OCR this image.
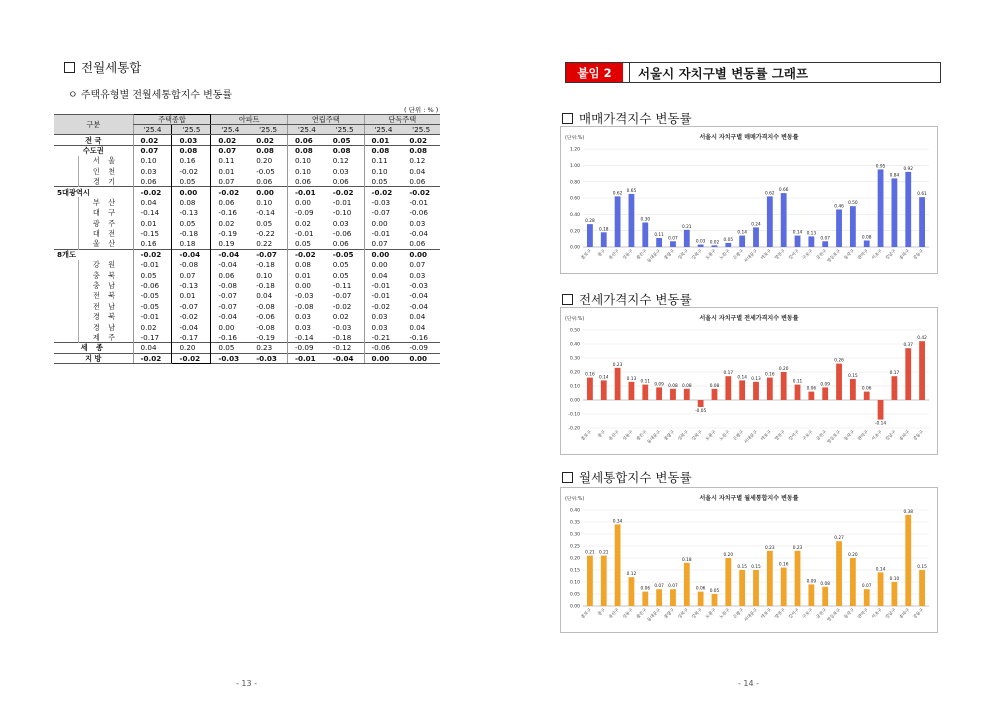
전월세통합
ㅇ 주택유형별 전월세통합지수 변동률
( 단위 : % )
구분		주택종합		아파트		연립주택		단독주택	
		'25.4	'25.5	'25.4	'25.5	'25.4	'25.5	'25.4	'25.5
전 국		0.02	0.03	0.02	0.02	0.06	0.05	0.01	0.02
수도권		0.07	0.08	0.07	0.08	0.08	0.08	0.08	0.08
	서 울	0.10	0.16	0.11	0.20	0.10	0.12	0.11	0.12
	인 천	0.03	-0.02	0.01	-0.05	0.10	0.03	0.10	0.04
	경 기	0.06	0.05	0.07	0.06	0.06	0.06	0.05	0.06
5대광역시		-0.02	0.00	-0.02	0.00	-0.01	-0.02	-0.02	-0.02
	부 산	0.04	0.08	0.06	0.10	0.00	-0.01	-0.03	-0.01
	대 구	-0.14	-0.13	-0.16	-0.14	-0.09	-0.10	-0.07	-0.06
	광 주	0.01	0.05	0.02	0.05	0.02	0.03	0.00	0.03
	대 전	-0.15	-0.18	-0.19	-0.22	-0.01	-0.06	-0.01	-0.04
	울 산	0.16	0.18	0.19	0.22	0.05	0.06	0.07	0.06
8개도		-0.02	-0.04	-0.04	-0.07	-0.02	-0.05	0.00	0.00
	강 원	-0.01	-0.08	-0.04	-0.18	0.08	0.05	0.00	0.07
	충 북	0.05	0.07	0.06	0.10	0.01	0.05	0.04	0.03
	충 남	-0.06	-0.13	-0.08	-0.18	0.00	-0.11	-0.01	-0.03
	전 북	-0.05	0.01	-0.07	0.04	-0.03	-0.07	-0.01	-0.04
	전 남	-0.05	-0.07	-0.07	-0.08	-0.08	-0.02	-0.02	-0.04
	경 북	-0.01	-0.02	-0.04	-0.06	0.03	0.02	0.03	0.04
	경 남	0.02	-0.04	0.00	-0.08	0.03	-0.03	0.03	0.04
	제 주	-0.17	-0.17	-0.16	-0.19	-0.14	-0.18	-0.21	-0.16
세 종		0.04	0.20	0.05	0.23	-0.09	-0.12	-0.06	-0.09
지 방		-0.02	-0.02	-0.03	-0.03	-0.01	-0.04	0.00	0.00
- 13 -
붙임 2	서울시 자치구별 변동률 그래프
매매가격지수 변동률
(단위:%)	서울시 자치구별 매매가격지수 변동률
0.00
0.20
0.40
0.60
0.80
1.00
1.20
0.28
종로구
0.18
중구
0.62
용산구
0.65
성동구
0.30
광진구
0.11
동대문구
0.07
중랑구
0.21
성북구
0.03
강북구
0.02
도봉구
0.05
노원구
0.14
은평구
0.24
서대문구
0.62
마포구
0.66
양천구
0.14
강서구
0.13
구로구
0.07
금천구
0.46
영등포구
0.50
동작구
0.08
관악구
0.95
서초구
0.84
강남구
0.92
송파구
0.61
강동구
전세가격지수 변동률
(단위:%)	서울시 자치구별 전세가격지수 변동률
-0.20
-0.10
0.00
0.10
0.20
0.30
0.40
0.50
0.16
종로구
0.14
중구
0.23
용산구
0.13
성동구
0.11
광진구
0.09
동대문구
0.08
중랑구
0.08
성북구
-0.05
강북구
0.08
도봉구
0.17
노원구
0.14
은평구
0.13
서대문구
0.16
마포구
0.20
양천구
0.11
강서구
0.06
구로구
0.09
금천구
0.26
영등포구
0.15
동작구
0.06
관악구
-0.14
서초구
0.17
강남구
0.37
송파구
0.42
강동구
월세통합지수 변동률
(단위:%)	서울시 자치구별 월세통합지수 변동률
0.00
0.05
0.10
0.15
0.20
0.25
0.30
0.35
0.40
0.21
종로구
0.21
중구
0.34
용산구
0.12
성동구
0.06
광진구
0.07
동대문구
0.07
중랑구
0.18
성북구
0.06
강북구
0.05
도봉구
0.20
노원구
0.15
은평구
0.15
서대문구
0.23
마포구
0.16
양천구
0.23
강서구
0.09
구로구
0.08
금천구
0.27
영등포구
0.20
동작구
0.07
관악구
0.14
서초구
0.10
강남구
0.38
송파구
0.15
강동구
- 14 -
